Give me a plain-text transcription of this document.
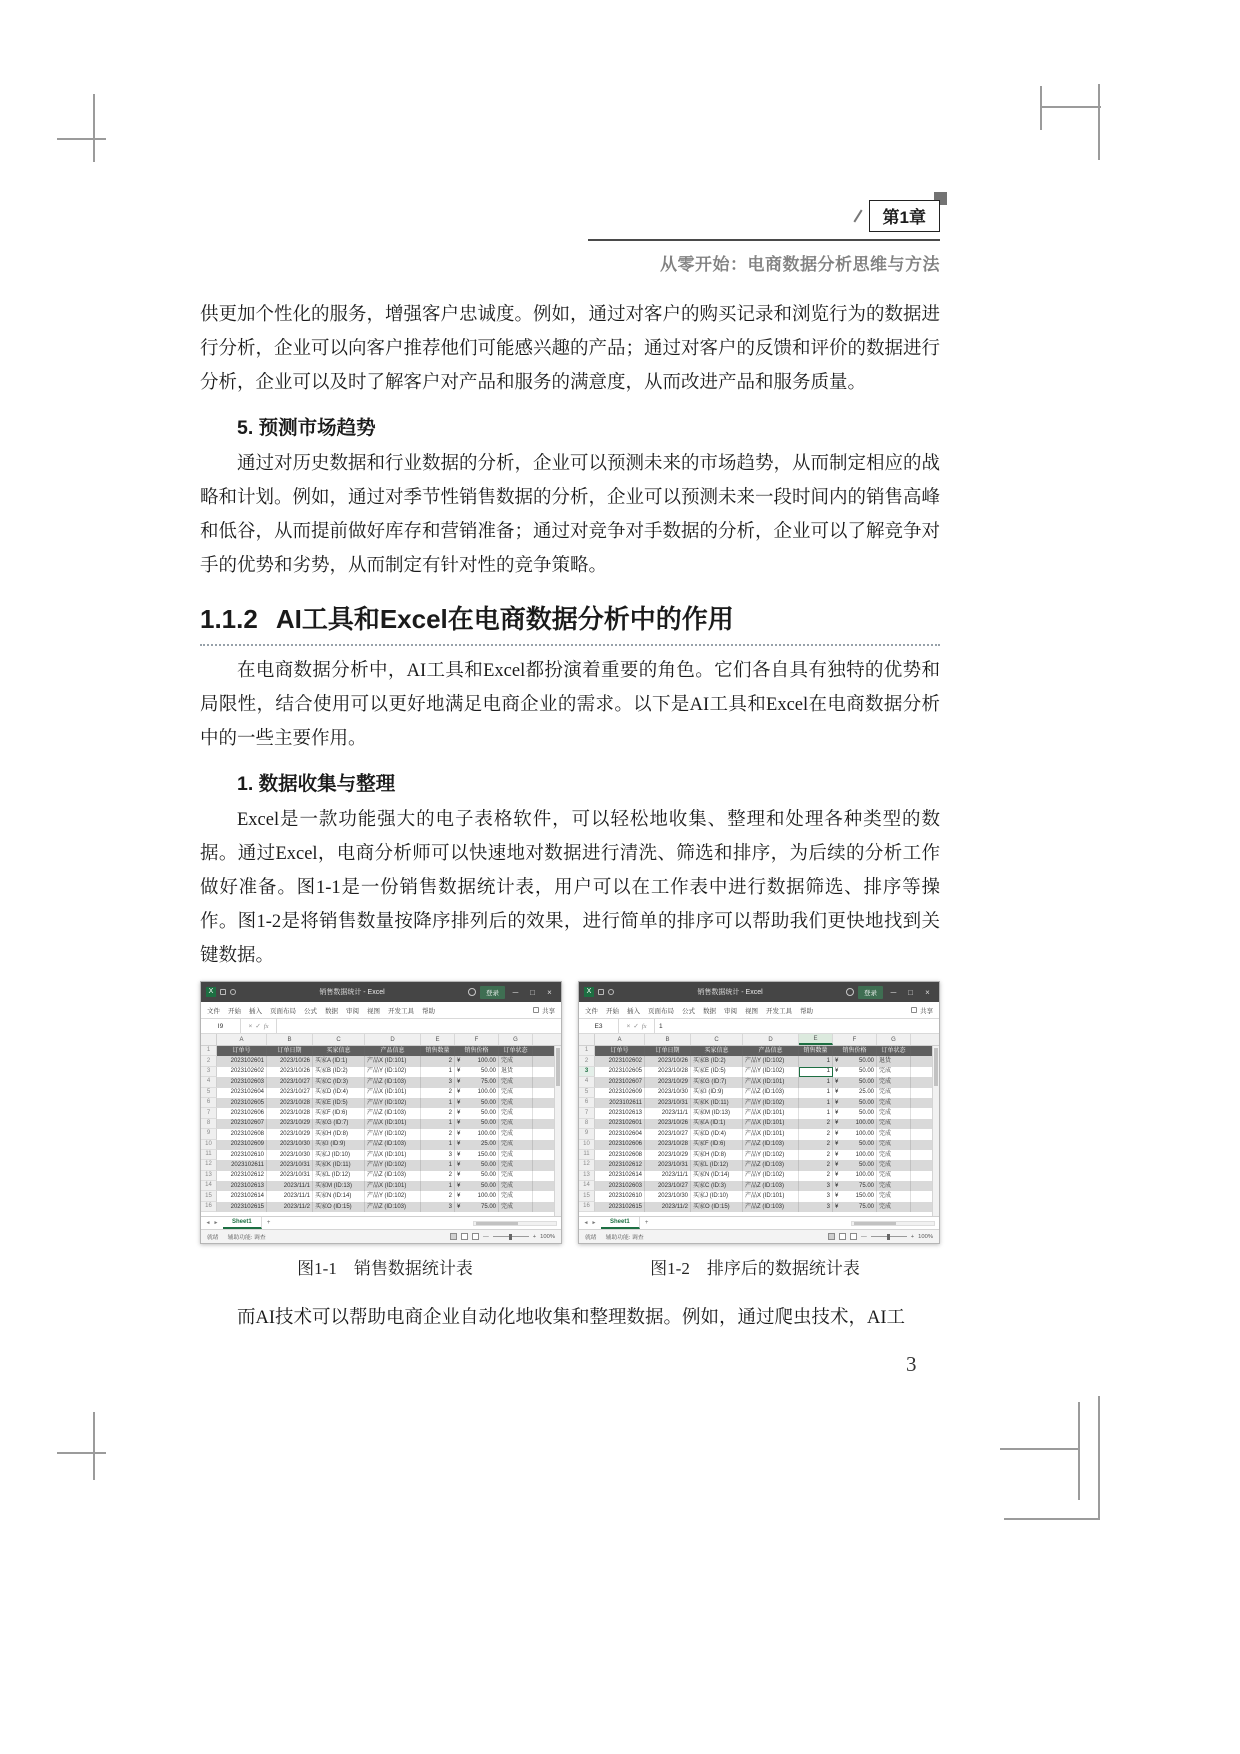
第1章
从零开始：电商数据分析思维与方法

供更加个性化的服务，增强客户忠诚度。例如，通过对客户的购买记录和浏览行为的数据进行分析，企业可以向客户推荐他们可能感兴趣的产品；通过对客户的反馈和评价的数据进行分析，企业可以及时了解客户对产品和服务的满意度，从而改进产品和服务质量。

5. 预测市场趋势

通过对历史数据和行业数据的分析，企业可以预测未来的市场趋势，从而制定相应的战略和计划。例如，通过对季节性销售数据的分析，企业可以预测未来一段时间内的销售高峰和低谷，从而提前做好库存和营销准备；通过对竞争对手数据的分析，企业可以了解竞争对手的优势和劣势，从而制定有针对性的竞争策略。

1.1.2 AI工具和Excel在电商数据分析中的作用

在电商数据分析中，AI工具和Excel都扮演着重要的角色。它们各自具有独特的优势和局限性，结合使用可以更好地满足电商企业的需求。以下是AI工具和Excel在电商数据分析中的一些主要作用。

1. 数据收集与整理

Excel是一款功能强大的电子表格软件，可以轻松地收集、整理和处理各种类型的数据。通过Excel，电商分析师可以快速地对数据进行清洗、筛选和排序，为后续的分析工作做好准备。图1-1是一份销售数据统计表，用户可以在工作表中进行数据筛选、排序等操作。图1-2是将销售数量按降序排列后的效果，进行简单的排序可以帮助我们更快地找到关键数据。

X	销售数据统计 - Excel	登录	─	□	×
文件 开始 插入 页面布局 公式 数据 审阅 视图 开发工具 帮助	共享
I9	× ✓ fx
A	B	C	D	E	F	G
1	订单号	订单日期	买家信息	产品信息	销售数量	销售价格	订单状态
2	2023102601	2023/10/26 买家A (ID:1)	产品X (ID:101)	2 ¥	100.00 完成
3	2023102602	2023/10/26 买家B (ID:2)	产品Y (ID:102)	1 ¥	50.00 退货
4	2023102603	2023/10/27 买家C (ID:3)	产品Z (ID:103)	3 ¥	75.00 完成
5	2023102604	2023/10/27 买家D (ID:4)	产品X (ID:101)	2 ¥	100.00 完成
6	2023102605	2023/10/28 买家E (ID:5)	产品Y (ID:102)	1 ¥	50.00 完成
7	2023102606	2023/10/28 买家F (ID:6)	产品Z (ID:103)	2 ¥	50.00 完成
8	2023102607	2023/10/29 买家G (ID:7)	产品X (ID:101)	1 ¥	50.00 完成
9	2023102608	2023/10/29 买家H (ID:8)	产品Y (ID:102)	2 ¥	100.00 完成
10	2023102609	2023/10/30 买家I (ID:9)	产品Z (ID:103)	1 ¥	25.00 完成
11	2023102610	2023/10/30 买家J (ID:10)	产品X (ID:101)	3 ¥	150.00 完成
12	2023102611	2023/10/31 买家K (ID:11)	产品Y (ID:102)	1 ¥	50.00 完成
13	2023102612	2023/10/31 买家L (ID:12)	产品Z (ID:103)	2 ¥	50.00 完成
14	2023102613	2023/11/1 买家M (ID:13)	产品X (ID:101)	1 ¥	50.00 完成
15	2023102614	2023/11/1 买家N (ID:14)	产品Y (ID:102)	2 ¥	100.00 完成
16	2023102615	2023/11/2 买家O (ID:15)	产品Z (ID:103)	3 ¥	75.00 完成
◄ ►	Sheet1	+
就绪 辅助功能: 调查	—	+ 100%
X	销售数据统计 - Excel	登录	─	□	×
文件 开始 插入 页面布局 公式 数据 审阅 视图 开发工具 帮助	共享
E3	× ✓ fx	1
A	B	C	D	E	F	G
1	订单号	订单日期	买家信息	产品信息	销售数量	销售价格	订单状态
2	2023102602	2023/10/26 买家B (ID:2)	产品Y (ID:102)	1 ¥	50.00 退货
3	2023102605	2023/10/28 买家E (ID:5)	产品Y (ID:102)	1 ¥	50.00 完成
4	2023102607	2023/10/29 买家G (ID:7)	产品X (ID:101)	1 ¥	50.00 完成
5	2023102609	2023/10/30 买家I (ID:9)	产品Z (ID:103)	1 ¥	25.00 完成
6	2023102611	2023/10/31 买家K (ID:11)	产品Y (ID:102)	1 ¥	50.00 完成
7	2023102613	2023/11/1 买家M (ID:13)	产品X (ID:101)	1 ¥	50.00 完成
8	2023102601	2023/10/26 买家A (ID:1)	产品X (ID:101)	2 ¥	100.00 完成
9	2023102604	2023/10/27 买家D (ID:4)	产品X (ID:101)	2 ¥	100.00 完成
10	2023102606	2023/10/28 买家F (ID:6)	产品Z (ID:103)	2 ¥	50.00 完成
11	2023102608	2023/10/29 买家H (ID:8)	产品Y (ID:102)	2 ¥	100.00 完成
12	2023102612	2023/10/31 买家L (ID:12)	产品Z (ID:103)	2 ¥	50.00 完成
13	2023102614	2023/11/1 买家N (ID:14)	产品Y (ID:102)	2 ¥	100.00 完成
14	2023102603	2023/10/27 买家C (ID:3)	产品Z (ID:103)	3 ¥	75.00 完成
15	2023102610	2023/10/30 买家J (ID:10)	产品X (ID:101)	3 ¥	150.00 完成
16	2023102615	2023/11/2 买家O (ID:15)	产品Z (ID:103)	3 ¥	75.00 完成
◄ ►	Sheet1	+
就绪 辅助功能: 调查	—	+ 100%
图1-1　销售数据统计表	图1-2　排序后的数据统计表

而AI技术可以帮助电商企业自动化地收集和整理数据。例如，通过爬虫技术，AI工

3
